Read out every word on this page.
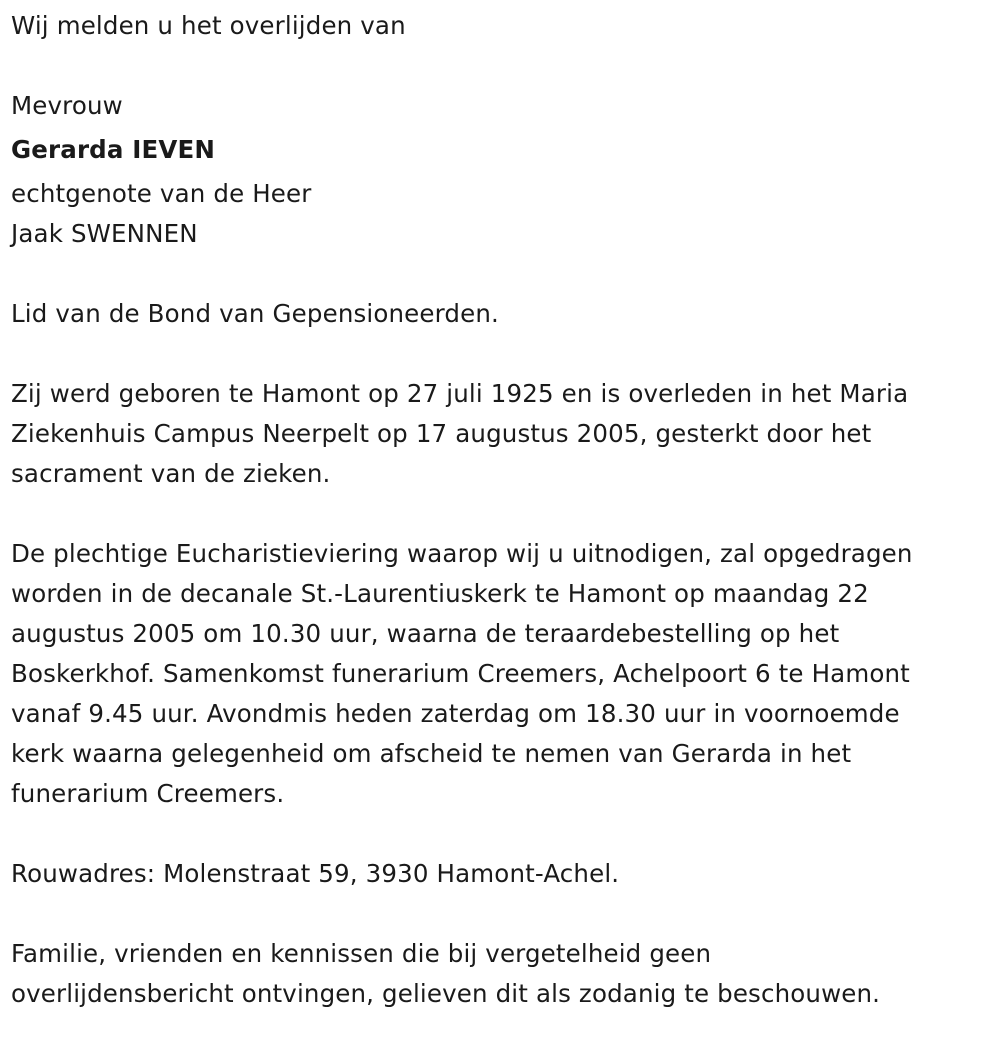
Wij melden u het overlijden van
Mevrouw
Gerarda IEVEN
echtgenote van de Heer
Jaak SWENNEN
Lid van de Bond van Gepensioneerden.
Zij werd geboren te Hamont op 27 juli 1925 en is overleden in het Maria
Ziekenhuis Campus Neerpelt op 17 augustus 2005, gesterkt door het
sacrament van de zieken.
De plechtige Eucharistieviering waarop wij u uitnodigen, zal opgedragen
worden in de decanale St.-Laurentiuskerk te Hamont op maandag 22
augustus 2005 om 10.30 uur, waarna de teraardebestelling op het
Boskerkhof. Samenkomst funerarium Creemers, Achelpoort 6 te Hamont
vanaf 9.45 uur. Avondmis heden zaterdag om 18.30 uur in voornoemde
kerk waarna gelegenheid om afscheid te nemen van Gerarda in het
funerarium Creemers.
Rouwadres: Molenstraat 59, 3930 Hamont-Achel.
Familie, vrienden en kennissen die bij vergetelheid geen
overlijdensbericht ontvingen, gelieven dit als zodanig te beschouwen.
